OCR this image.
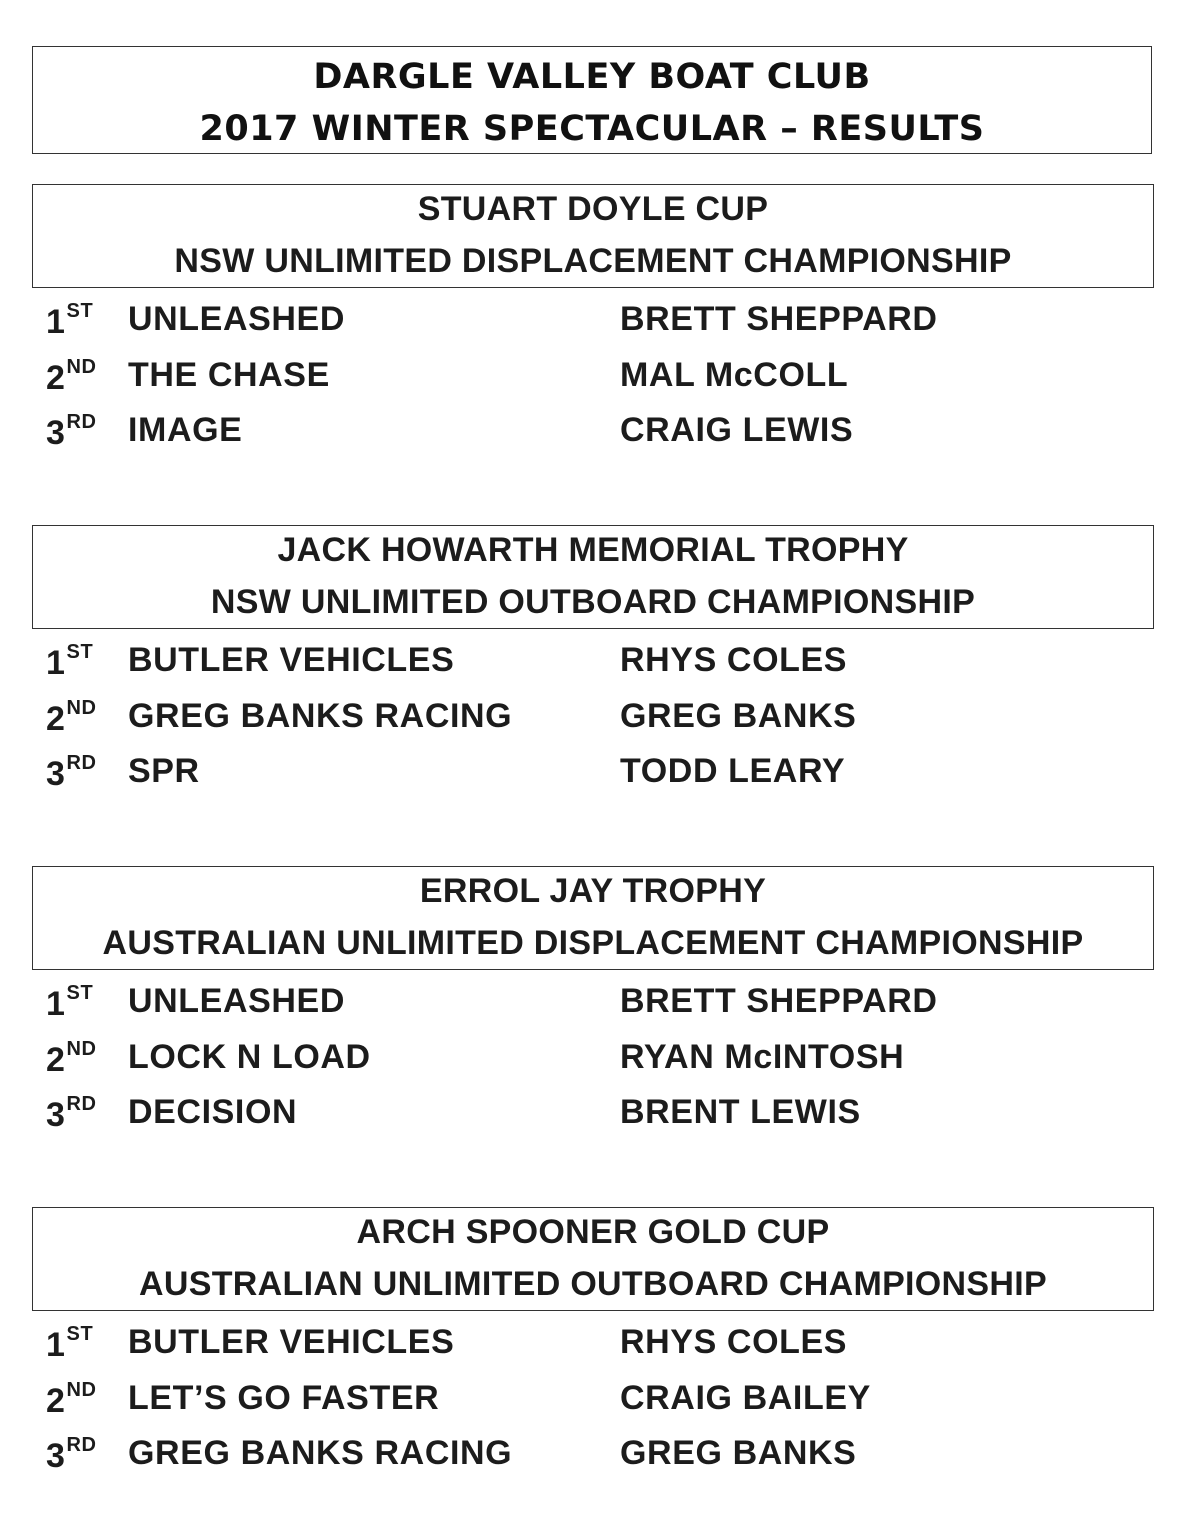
DARGLE VALLEY BOAT CLUB
2017 WINTER SPECTACULAR – RESULTS
STUART DOYLE CUP
NSW UNLIMITED DISPLACEMENT CHAMPIONSHIP
1ST UNLEASHED	BRETT SHEPPARD
2ND THE CHASE	MAL McCOLL
3RD IMAGE	CRAIG LEWIS
JACK HOWARTH MEMORIAL TROPHY
NSW UNLIMITED OUTBOARD CHAMPIONSHIP
1ST BUTLER VEHICLES	RHYS COLES
2ND GREG BANKS RACING	GREG BANKS
3RD SPR	TODD LEARY
ERROL JAY TROPHY
AUSTRALIAN UNLIMITED DISPLACEMENT CHAMPIONSHIP
1ST UNLEASHED	BRETT SHEPPARD
2ND LOCK N LOAD	RYAN McINTOSH
3RD DECISION	BRENT LEWIS
ARCH SPOONER GOLD CUP
AUSTRALIAN UNLIMITED OUTBOARD CHAMPIONSHIP
1ST BUTLER VEHICLES	RHYS COLES
2ND LET’S GO FASTER	CRAIG BAILEY
3RD GREG BANKS RACING	GREG BANKS
